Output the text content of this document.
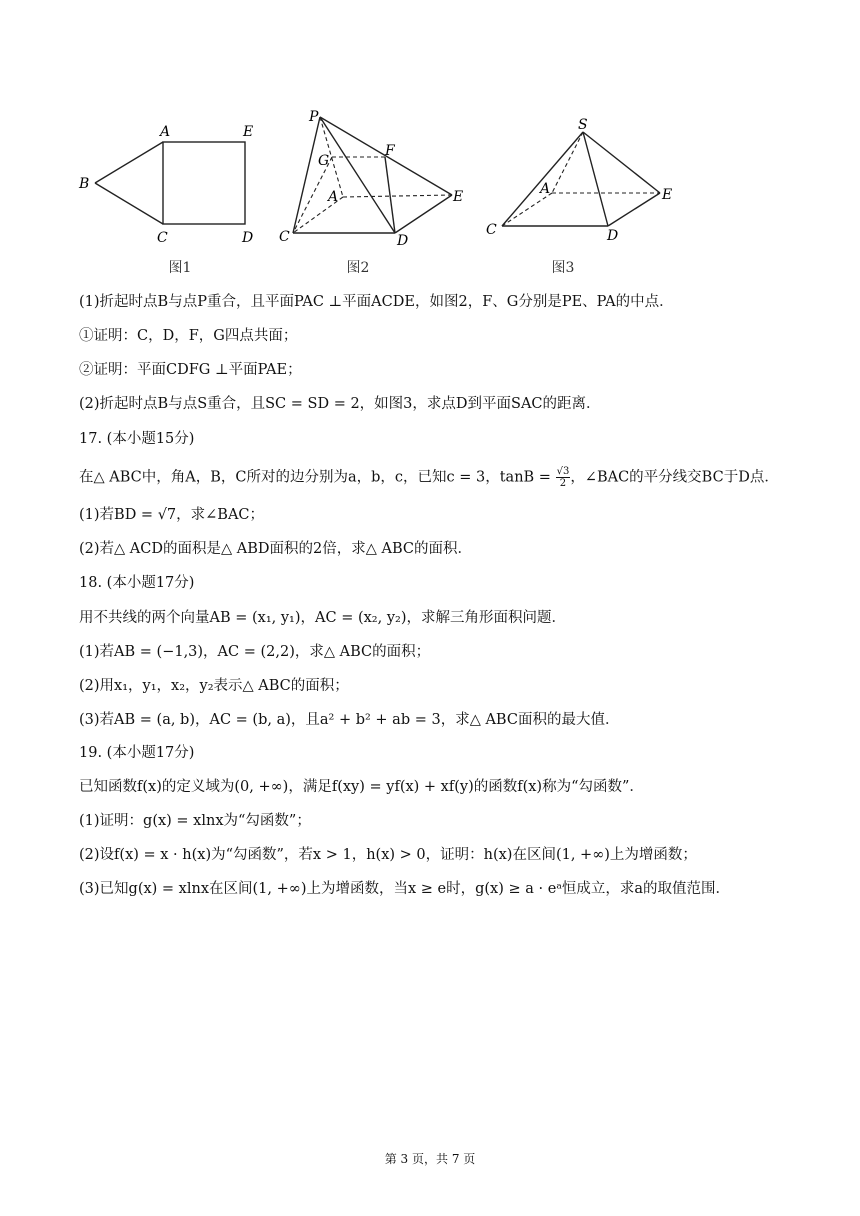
A	E
B
C	D
图1
P
F
G
A	E
C	D
图2
S
A	E
C	D
图3
(1)折起时点B与点P重合，且平面PAC ⊥平面ACDE，如图2，F、G分别是PE、PA的中点．
①证明：C，D，F，G四点共面；
②证明：平面CDFG ⊥平面PAE；
(2)折起时点B与点S重合，且SC = SD = 2，如图3，求点D到平面SAC的距离．
17. (本小题15分)
在△ ABC中，角A，B，C所对的边分别为a，b，c，已知c = 3，$\tan B = \frac{√3}{2}$ ，∠BAC的平分线交BC于D点．
(1)若BD = √7，求∠BAC；
(2)若△ ACD的面积是△ ABD面积的2倍，求△ ABC的面积．
18. (本小题17分)
用不共线的两个向量AB = (x₁, y₁)，AC = (x₂, y₂)，求解三角形面积问题．
(1)若AB = (−1,3)，AC = (2,2)，求△ ABC的面积；
(2)用x₁，y₁，x₂，y₂表示△ ABC的面积；
(3)若AB = (a, b)，AC = (b, a)，且a² + b² + ab = 3，求△ ABC面积的最大值．
19. (本小题17分)
已知函数f(x)的定义域为(0, +∞)，满足f(xy) = yf(x) + xf(y)的函数f(x)称为“勾函数”．
(1)证明：g(x) = xlnx为“勾函数”；
(2)设f(x) = x · h(x)为“勾函数”，若x > 1，h(x) > 0，证明：h(x)在区间(1, +∞)上为增函数；
(3)已知g(x) = xlnx在区间(1, +∞)上为增函数，当x ≥ e时，g(x) ≥ a · eᵃ恒成立，求a的取值范围．
第 3 页，共 7 页
